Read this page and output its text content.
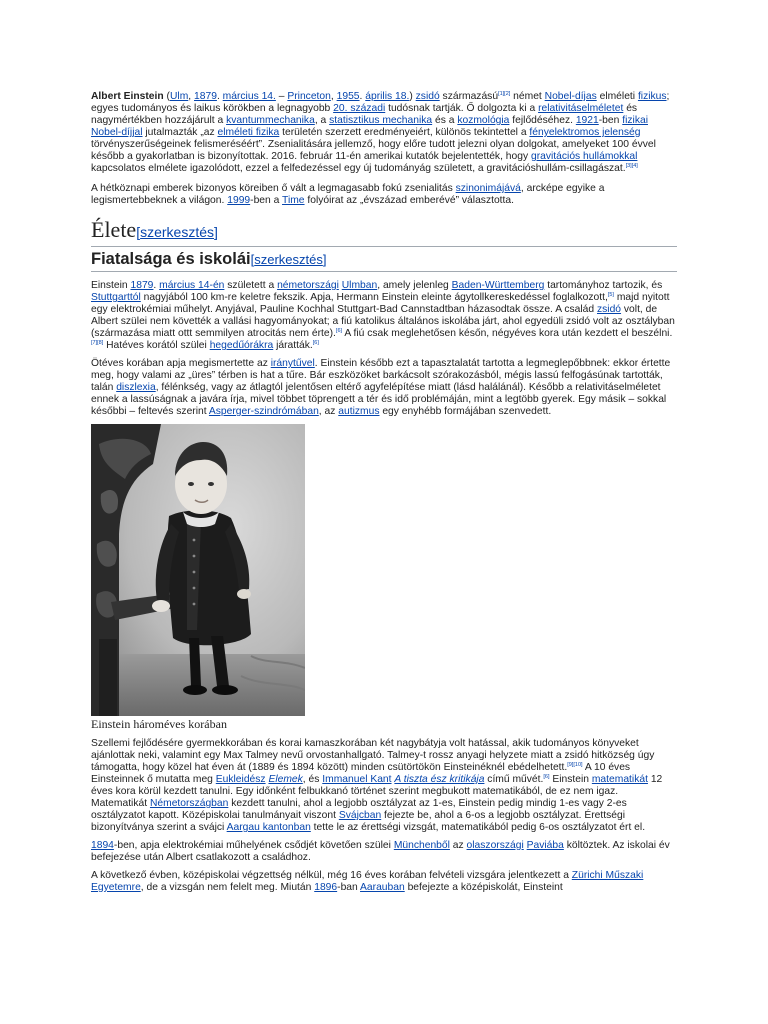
Albert Einstein (Ulm, 1879. március 14. – Princeton, 1955. április 18.) zsidó származású[1][2] német Nobel-díjas elméleti fizikus; egyes tudományos és laikus körökben a legnagyobb 20. századi tudósnak tartják. Ő dolgozta ki a relativitáselméletet és nagymértékben hozzájárult a kvantummechanika, a statisztikus mechanika és a kozmológia fejlődéséhez. 1921-ben fizikai Nobel-díjjal jutalmazták „az elméleti fizika területén szerzett eredményeiért, különös tekintettel a fényelektromos jelenség törvényszerűségeinek felismeréséért”. Zsenialitására jellemző, hogy előre tudott jelezni olyan dolgokat, amelyeket 100 évvel később a gyakorlatban is bizonyítottak. 2016. február 11-én amerikai kutatók bejelentették, hogy gravitációs hullámokkal kapcsolatos elmélete igazolódott, ezzel a felfedezéssel egy új tudományág született, a gravitációshullám-csillagászat.[3][4]

A hétköznapi emberek bizonyos köreiben ő vált a legmagasabb fokú zsenialitás szinonimájává, arcképe egyike a legismertebbeknek a világon. 1999-ben a Time folyóirat az „évszázad emberévé” választotta.

Élete[szerkesztés]
Fiatalsága és iskolái[szerkesztés]

Einstein 1879. március 14-én született a németországi Ulmban, amely jelenleg Baden-Württemberg tartományhoz tartozik, és Stuttgarttól nagyjából 100 km-re keletre fekszik. Apja, Hermann Einstein eleinte ágytollkereskedéssel foglalkozott,[5] majd nyitott egy elektrokémiai műhelyt. Anyjával, Pauline Kochhal Stuttgart-Bad Cannstadtban házasodtak össze. A család zsidó volt, de Albert szülei nem követték a vallási hagyományokat; a fiú katolikus általános iskolába járt, ahol egyedüli zsidó volt az osztályban (származása miatt ottt semmilyen atrocitás nem érte).[6] A fiú csak meglehetősen későn, négyéves kora után kezdett el beszélni.[7][8] Hatéves korától szülei hegedűórákra járatták.[6]

Ötéves korában apja megismertette az iránytűvel. Einstein később ezt a tapasztalatát tartotta a legmeglepőbbnek: ekkor értette meg, hogy valami az „üres” térben is hat a tűre. Bár eszközöket barkácsolt szórakozásból, mégis lassú felfogásúnak tartották, talán diszlexia, félénkség, vagy az átlagtól jelentősen eltérő agyfelépítése miatt (lásd halálánál). Később a relativitáselméletet ennek a lassúságnak a javára írja, mivel többet töprengett a tér és idő problémáján, mint a legtöbb gyerek. Egy másik – sokkal későbbi – feltevés szerint Asperger-szindrómában, az autizmus egy enyhébb formájában szenvedett.

Einstein hároméves korában

Szellemi fejlődésére gyermekkorában és korai kamaszkorában két nagybátyja volt hatással, akik tudományos könyveket ajánlottak neki, valamint egy Max Talmey nevű orvostanhallgató. Talmey-t rossz anyagi helyzete miatt a zsidó hitközség úgy támogatta, hogy közel hat éven át (1889 és 1894 között) minden csütörtökön Einsteinéknél ebédelhetett.[9][10] A 10 éves Einsteinnek ő mutatta meg Eukleidész Elemek, és Immanuel Kant A tiszta ész kritikája című művét.[6] Einstein matematikát 12 éves kora körül kezdett tanulni. Egy időnként felbukkanó történet szerint megbukott matematikából, de ez nem igaz. Matematikát Németországban kezdett tanulni, ahol a legjobb osztályzat az 1-es, Einstein pedig mindig 1-es vagy 2-es osztályzatot kapott. Középiskolai tanulmányait viszont Svájcban fejezte be, ahol a 6-os a legjobb osztályzat. Érettségi bizonyítványa szerint a svájci Aargau kantonban tette le az érettségi vizsgát, matematikából pedig 6-os osztályzatot ért el.

1894-ben, apja elektrokémiai műhelyének csődjét követően szülei Münchenből az olaszországi Paviába költöztek. Az iskolai év befejezése után Albert csatlakozott a családhoz.

A következő évben, középiskolai végzettség nélkül, még 16 éves korában felvételi vizsgára jelentkezett a Zürichi Műszaki Egyetemre, de a vizsgán nem felelt meg. Miután 1896-ban Aarauban befejezte a középiskolát, Einsteint
